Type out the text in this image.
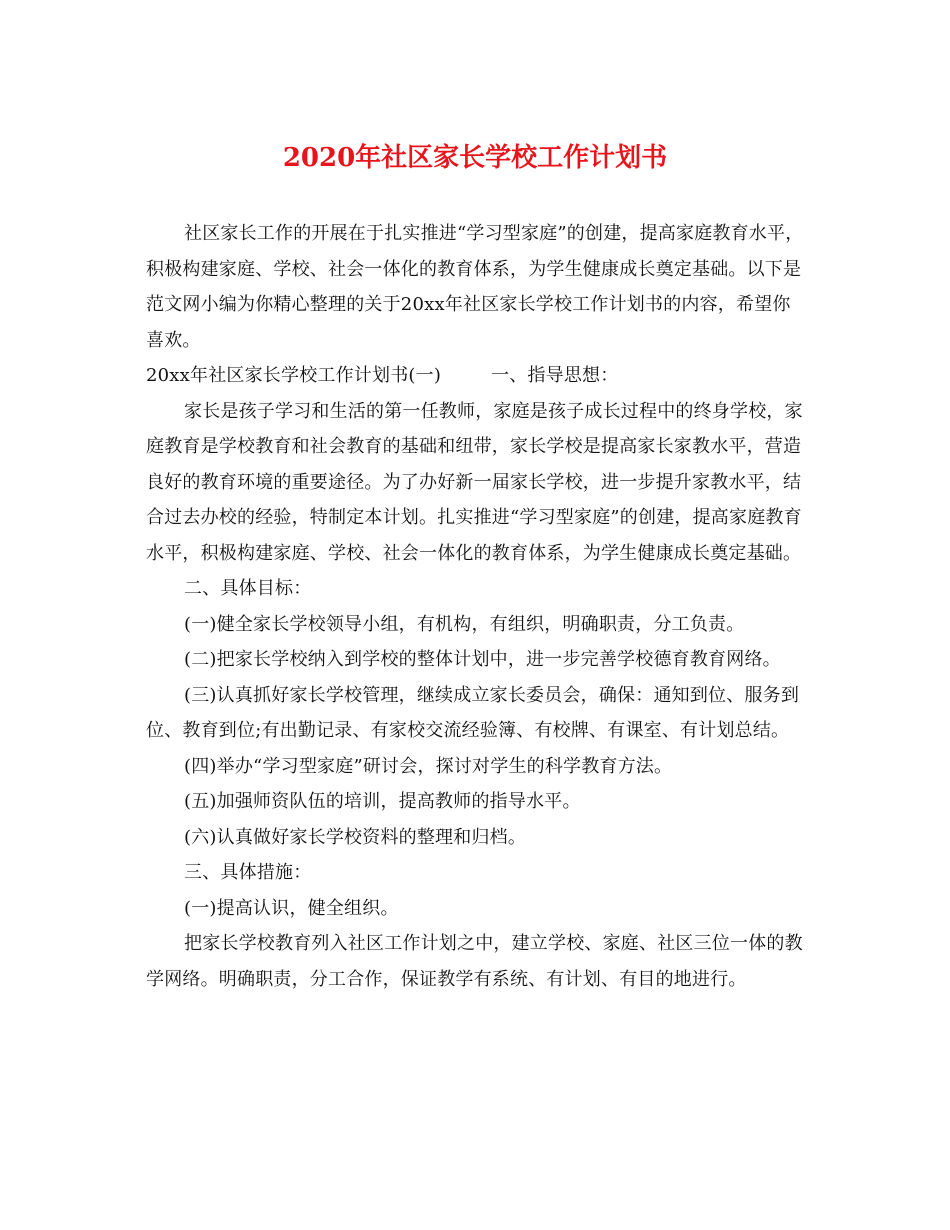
2020年社区家长学校工作计划书

社区家长工作的开展在于扎实推进“学习型家庭”的创建，提高家庭教育水平，积极构建家庭、学校、社会一体化的教育体系，为学生健康成长奠定基础。以下是范文网小编为你精心整理的关于20xx年社区家长学校工作计划书的内容，希望你喜欢。

20xx年社区家长学校工作计划书(一)	一、指导思想：

家长是孩子学习和生活的第一任教师，家庭是孩子成长过程中的终身学校，家庭教育是学校教育和社会教育的基础和纽带，家长学校是提高家长家教水平，营造良好的教育环境的重要途径。为了办好新一届家长学校，进一步提升家教水平，结合过去办校的经验，特制定本计划。扎实推进“学习型家庭”的创建，提高家庭教育水平，积极构建家庭、学校、社会一体化的教育体系，为学生健康成长奠定基础。

二、具体目标：

(一)健全家长学校领导小组，有机构，有组织，明确职责，分工负责。

(二)把家长学校纳入到学校的整体计划中，进一步完善学校德育教育网络。

(三)认真抓好家长学校管理，继续成立家长委员会，确保：通知到位、服务到位、教育到位;有出勤记录、有家校交流经验簿、有校牌、有课室、有计划总结。

(四)举办“学习型家庭”研讨会，探讨对学生的科学教育方法。

(五)加强师资队伍的培训，提高教师的指导水平。

(六)认真做好家长学校资料的整理和归档。

三、具体措施：

(一)提高认识，健全组织。

把家长学校教育列入社区工作计划之中，建立学校、家庭、社区三位一体的教学网络。明确职责，分工合作，保证教学有系统、有计划、有目的地进行。
